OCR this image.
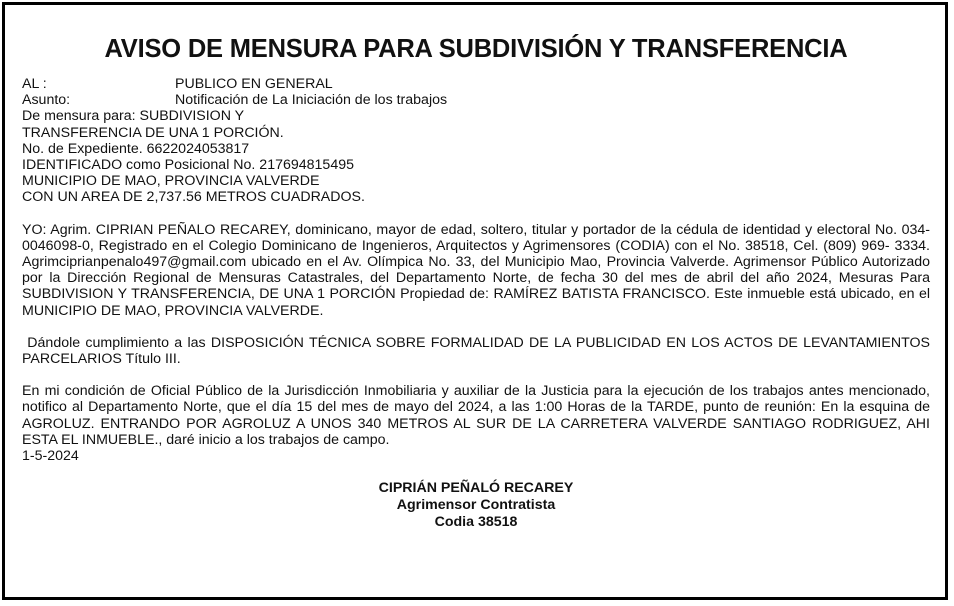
AVISO DE MENSURA PARA SUBDIVISIÓN Y TRANSFERENCIA
AL :	PUBLICO EN GENERAL
Asunto:	Notificación de La Iniciación de los trabajos
De mensura para: SUBDIVISION Y
TRANSFERENCIA DE UNA 1 PORCIÓN.
No. de Expediente. 6622024053817
IDENTIFICADO como Posicional No. 217694815495
MUNICIPIO DE MAO, PROVINCIA VALVERDE
CON UN AREA DE 2,737.56 METROS CUADRADOS.

YO: Agrim. CIPRIAN PEÑALO RECAREY, dominicano, mayor de edad, soltero, titular y portador de la cédula de identidad y electoral No. 034-0046098-0, Registrado en el Colegio Dominicano de Ingenieros, Arquitectos y Agrimensores (CODIA) con el No. 38518, Cel. (809) 969- 3334. Agrimciprianpenalo497@gmail.com ubicado en el Av. Olímpica No. 33, del Municipio Mao, Provincia Valverde. Agrimensor Público Autorizado por la Dirección Regional de Mensuras Catastrales, del Departamento Norte, de fecha 30 del mes de abril del año 2024, Mesuras Para SUBDIVISION Y TRANSFERENCIA, DE UNA 1 PORCIÓN Propiedad de: RAMÍREZ BATISTA FRANCISCO. Este inmueble está ubicado, en el MUNICIPIO DE MAO, PROVINCIA VALVERDE.

Dándole cumplimiento a las DISPOSICIÓN TÉCNICA SOBRE FORMALIDAD DE LA PUBLICIDAD EN LOS ACTOS DE LEVANTAMIENTOS PARCELARIOS Título III.

En mi condición de Oficial Público de la Jurisdicción Inmobiliaria y auxiliar de la Justicia para la ejecución de los trabajos antes mencionado, notifico al Departamento Norte, que el día 15 del mes de mayo del 2024, a las 1:00 Horas de la TARDE, punto de reunión: En la esquina de AGROLUZ. ENTRANDO POR AGROLUZ A UNOS 340 METROS AL SUR DE LA CARRETERA VALVERDE SANTIAGO RODRIGUEZ, AHI ESTA EL INMUEBLE., daré inicio a los trabajos de campo.

1-5-2024
CIPRIÁN PEÑALÓ RECAREY
Agrimensor Contratista
Codia 38518
